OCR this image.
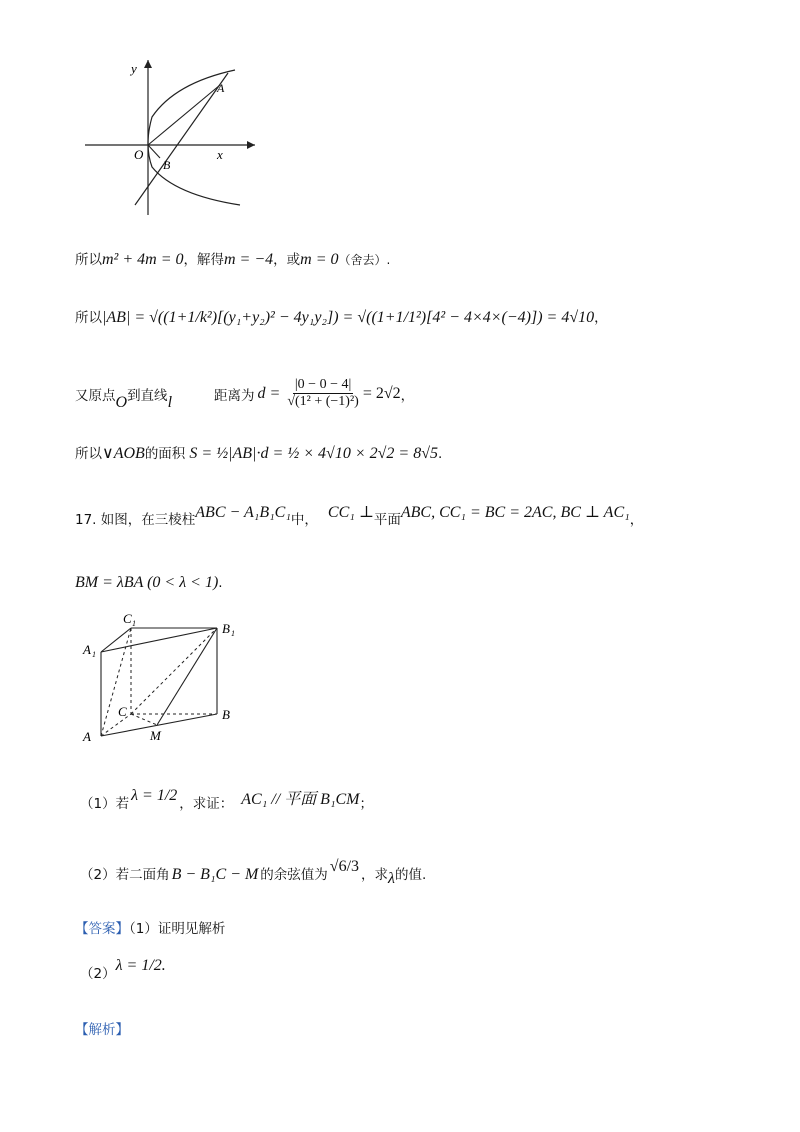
y
x
O
A
B
所以m² + 4m = 0，解得m = −4，或m = 0（舍去）.
所以|AB| = √((1+1/k²)[(y₁+y₂)² − 4y₁y₂]) = √((1+1/1²)[4² − 4×4×(−4)]) = 4√10，
又原点 O 到直线 l	距离为 $d = \frac{|0 - 0 - 4|}{\text{√(1² + (−1)²)}} = 2√2$ ，
所以∨AOB的面积 S = ½|AB|·d = ½ × 4√10 × 2√2 = 8√5.
17. 如图，在三棱柱ABC − A₁B₁C₁中， CC₁ ⊥平面ABC, CC₁ = BC = 2AC, BC ⊥ AC₁，
BM = λBA (0 < λ < 1).
A
B
C
A 1
B 1
C 1
M
（1）若 λ = 1/2 ，求证： AC₁ // 平面 B₁CM；
（2）若二面角 B − B₁C − M 的余弦值为 √6/3 ，求λ的值.
【答案】（1）证明见解析
（2）λ = 1/2.
【解析】
